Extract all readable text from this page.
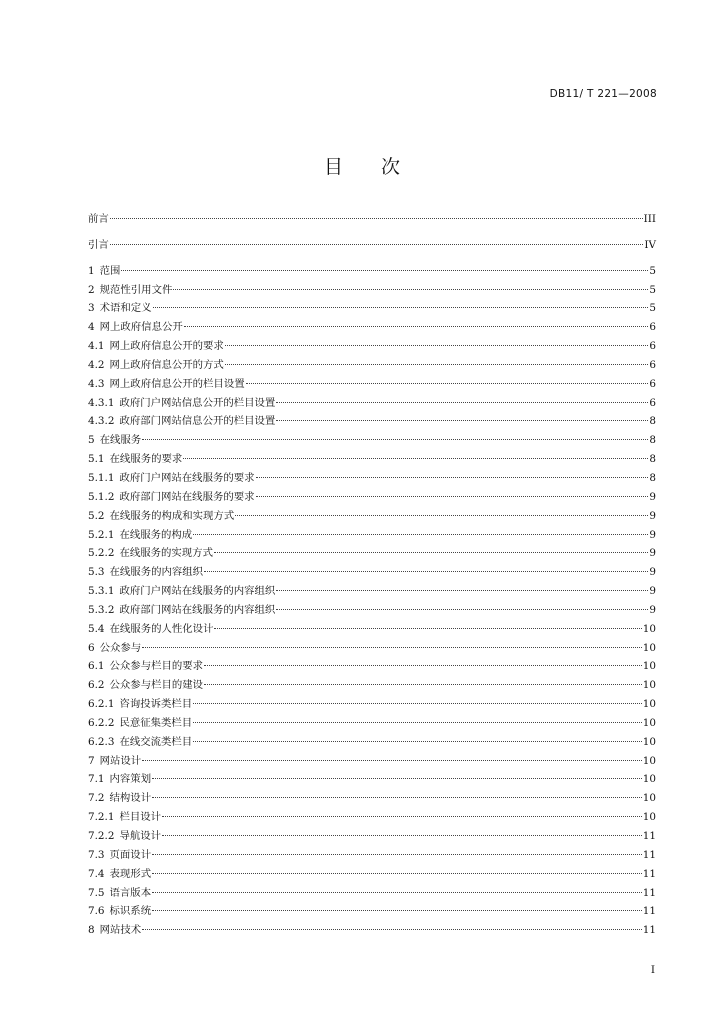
DB11/ T 221—2008
目次
前言	III
引言	IV
1 范围	5
2 规范性引用文件	5
3 术语和定义	5
4 网上政府信息公开	6
4.1 网上政府信息公开的要求	6
4.2 网上政府信息公开的方式	6
4.3 网上政府信息公开的栏目设置	6
4.3.1 政府门户网站信息公开的栏目设置	6
4.3.2 政府部门网站信息公开的栏目设置	8
5 在线服务	8
5.1 在线服务的要求	8
5.1.1 政府门户网站在线服务的要求	8
5.1.2 政府部门网站在线服务的要求	9
5.2 在线服务的构成和实现方式	9
5.2.1 在线服务的构成	9
5.2.2 在线服务的实现方式	9
5.3 在线服务的内容组织	9
5.3.1 政府门户网站在线服务的内容组织	9
5.3.2 政府部门网站在线服务的内容组织	9
5.4 在线服务的人性化设计	10
6 公众参与	10
6.1 公众参与栏目的要求	10
6.2 公众参与栏目的建设	10
6.2.1 咨询投诉类栏目	10
6.2.2 民意征集类栏目	10
6.2.3 在线交流类栏目	10
7 网站设计	10
7.1 内容策划	10
7.2 结构设计	10
7.2.1 栏目设计	10
7.2.2 导航设计	11
7.3 页面设计	11
7.4 表现形式	11
7.5 语言版本	11
7.6 标识系统	11
8 网站技术	11
I
